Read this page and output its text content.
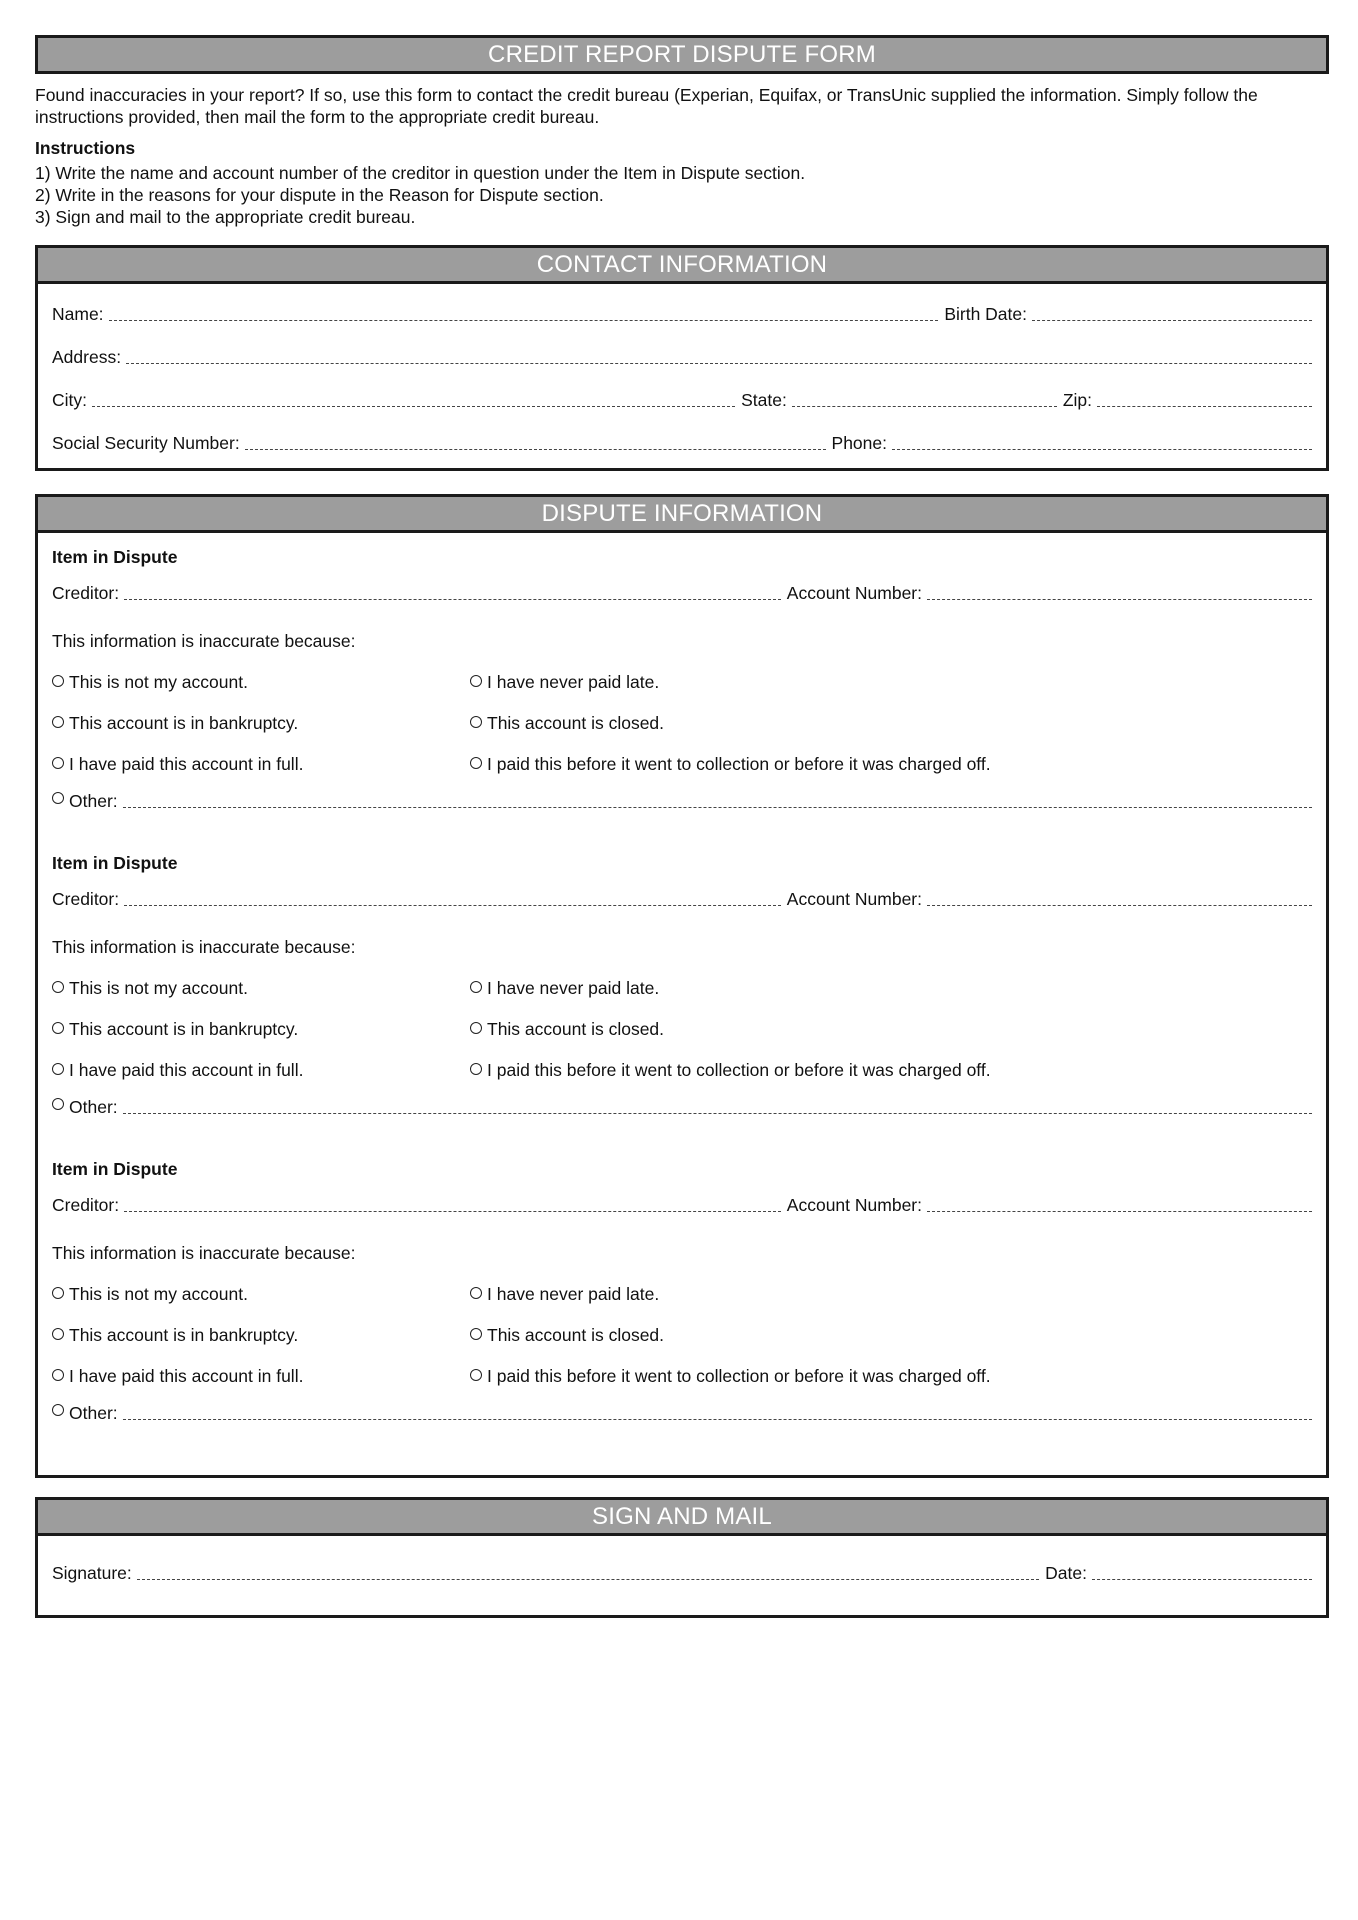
CREDIT REPORT DISPUTE FORM
Found inaccuracies in your report? If so, use this form to contact the credit bureau (Experian, Equifax, or TransUnic supplied the information. Simply follow the instructions provided, then mail the form to the appropriate credit bureau.
Instructions
1) Write the name and account number of the creditor in question under the Item in Dispute section.
2) Write in the reasons for your dispute in the Reason for Dispute section.
3) Sign and mail to the appropriate credit bureau.
CONTACT INFORMATION
Name:	Birth Date:
Address:
City:	State:	Zip:
Social Security Number:	Phone:
DISPUTE INFORMATION
Item in Dispute
Creditor:	Account Number:
This information is inaccurate because:
This is not my account.	I have never paid late.
This account is in bankruptcy.	This account is closed.
I have paid this account in full.	I paid this before it went to collection or before it was charged off.
Other:
Item in Dispute
Creditor:	Account Number:
This information is inaccurate because:
This is not my account.	I have never paid late.
This account is in bankruptcy.	This account is closed.
I have paid this account in full.	I paid this before it went to collection or before it was charged off.
Other:
Item in Dispute
Creditor:	Account Number:
This information is inaccurate because:
This is not my account.	I have never paid late.
This account is in bankruptcy.	This account is closed.
I have paid this account in full.	I paid this before it went to collection or before it was charged off.
Other:
SIGN AND MAIL
Signature:	Date:
